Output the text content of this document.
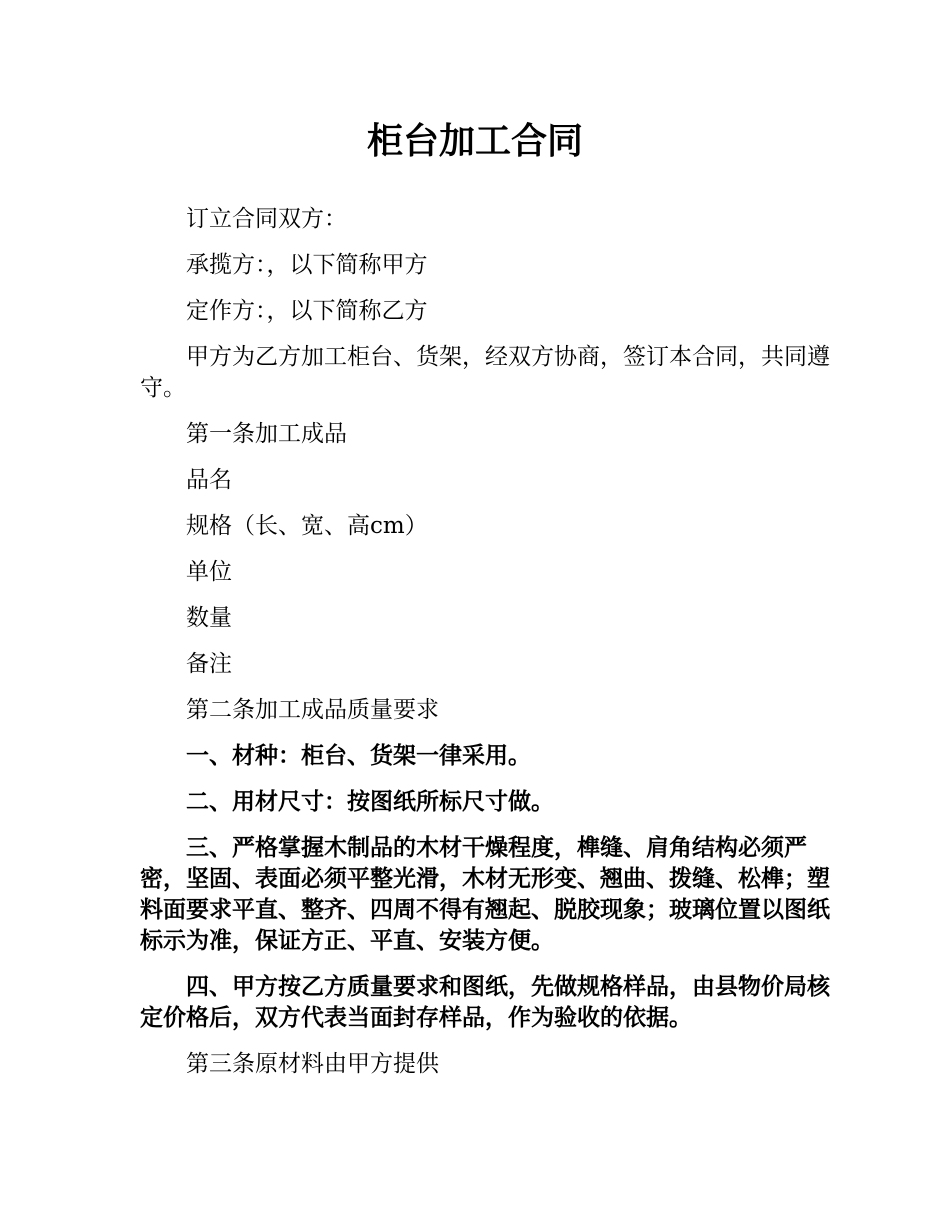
柜台加工合同

订立合同双方：

承揽方：，以下简称甲方

定作方：，以下简称乙方

甲方为乙方加工柜台、货架，经双方协商，签订本合同，共同遵守。

第一条加工成品

品名

规格（长、宽、高cm）

单位

数量

备注

第二条加工成品质量要求

一、材种：柜台、货架一律采用。

二、用材尺寸：按图纸所标尺寸做。

三、严格掌握木制品的木材干燥程度，榫缝、肩角结构必须严密，坚固、表面必须平整光滑，木材无形变、翘曲、拨缝、松榫；塑料面要求平直、整齐、四周不得有翘起、脱胶现象；玻璃位置以图纸标示为准，保证方正、平直、安装方便。

四、甲方按乙方质量要求和图纸，先做规格样品，由县物价局核定价格后，双方代表当面封存样品，作为验收的依据。

第三条原材料由甲方提供
